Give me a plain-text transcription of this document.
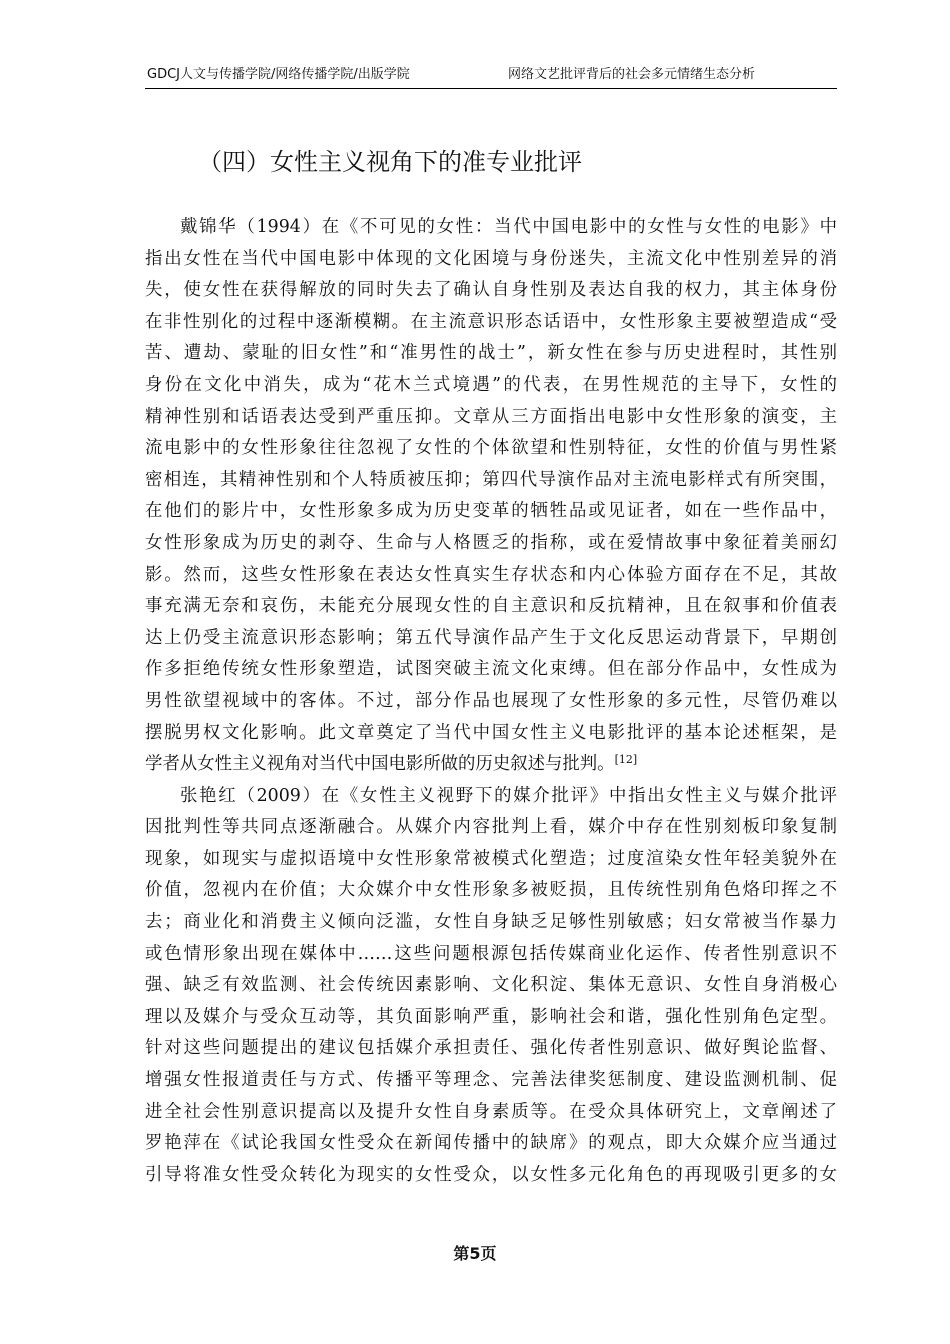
GDCJ人文与传播学院/网络传播学院/出版学院	网络文艺批评背后的社会多元情绪生态分析
（四）女性主义视角下的准专业批评
戴锦华（1994）在《不可见的女性：当代中国电影中的女性与女性的电影》中
指出女性在当代中国电影中体现的文化困境与身份迷失，主流文化中性别差异的消
失，使女性在获得解放的同时失去了确认自身性别及表达自我的权力，其主体身份
在非性别化的过程中逐渐模糊。在主流意识形态话语中，女性形象主要被塑造成“受
苦、遭劫、蒙耻的旧女性”和“准男性的战士”，新女性在参与历史进程时，其性别
身份在文化中消失，成为“花木兰式境遇”的代表，在男性规范的主导下，女性的
精神性别和话语表达受到严重压抑。文章从三方面指出电影中女性形象的演变，主
流电影中的女性形象往往忽视了女性的个体欲望和性别特征，女性的价值与男性紧
密相连，其精神性别和个人特质被压抑；第四代导演作品对主流电影样式有所突围，
在他们的影片中，女性形象多成为历史变革的牺牲品或见证者，如在一些作品中，
女性形象成为历史的剥夺、生命与人格匮乏的指称，或在爱情故事中象征着美丽幻
影。然而，这些女性形象在表达女性真实生存状态和内心体验方面存在不足，其故
事充满无奈和哀伤，未能充分展现女性的自主意识和反抗精神，且在叙事和价值表
达上仍受主流意识形态影响；第五代导演作品产生于文化反思运动背景下，早期创
作多拒绝传统女性形象塑造，试图突破主流文化束缚。但在部分作品中，女性成为
男性欲望视域中的客体。不过，部分作品也展现了女性形象的多元性，尽管仍难以
摆脱男权文化影响。此文章奠定了当代中国女性主义电影批评的基本论述框架，是
学者从女性主义视角对当代中国电影所做的历史叙述与批判。[12]
张艳红（2009）在《女性主义视野下的媒介批评》中指出女性主义与媒介批评
因批判性等共同点逐渐融合。从媒介内容批判上看，媒介中存在性别刻板印象复制
现象，如现实与虚拟语境中女性形象常被模式化塑造；过度渲染女性年轻美貌外在
价值，忽视内在价值；大众媒介中女性形象多被贬损，且传统性别角色烙印挥之不
去；商业化和消费主义倾向泛滥，女性自身缺乏足够性别敏感；妇女常被当作暴力
或色情形象出现在媒体中……这些问题根源包括传媒商业化运作、传者性别意识不
强、缺乏有效监测、社会传统因素影响、文化积淀、集体无意识、女性自身消极心
理以及媒介与受众互动等，其负面影响严重，影响社会和谐，强化性别角色定型。
针对这些问题提出的建议包括媒介承担责任、强化传者性别意识、做好舆论监督、
增强女性报道责任与方式、传播平等理念、完善法律奖惩制度、建设监测机制、促
进全社会性别意识提高以及提升女性自身素质等。在受众具体研究上，文章阐述了
罗艳萍在《试论我国女性受众在新闻传播中的缺席》的观点，即大众媒介应当通过
引导将准女性受众转化为现实的女性受众，以女性多元化角色的再现吸引更多的女
第5页
